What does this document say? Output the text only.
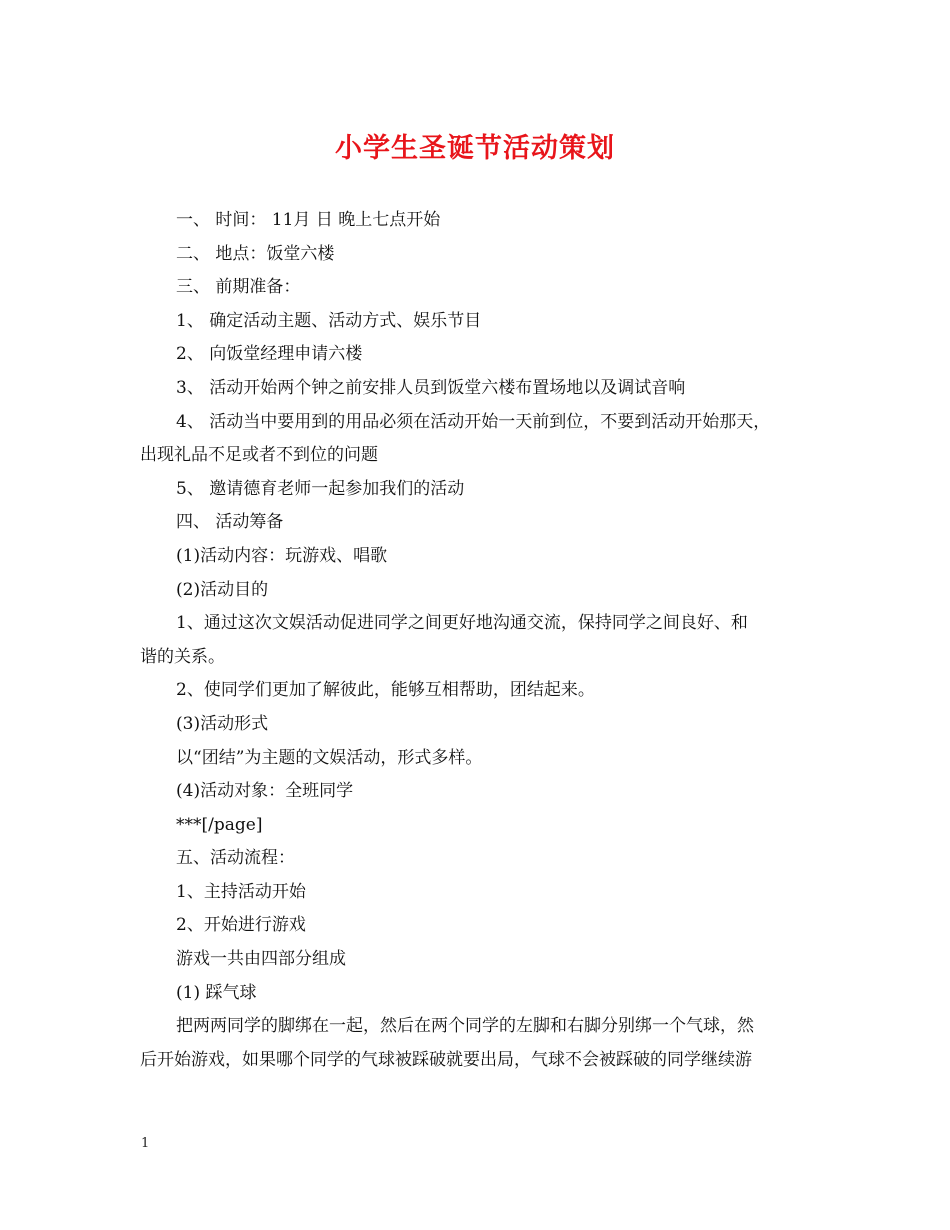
小学生圣诞节活动策划
一、 时间： 11月 日 晚上七点开始
二、 地点：饭堂六楼
三、 前期准备：
1、 确定活动主题、活动方式、娱乐节目
2、 向饭堂经理申请六楼
3、 活动开始两个钟之前安排人员到饭堂六楼布置场地以及调试音响
4、 活动当中要用到的用品必须在活动开始一天前到位，不要到活动开始那天，
出现礼品不足或者不到位的问题
5、 邀请德育老师一起参加我们的活动
四、 活动筹备
(1)活动内容：玩游戏、唱歌
(2)活动目的
1、通过这次文娱活动促进同学之间更好地沟通交流，保持同学之间良好、和
谐的关系。
2、使同学们更加了解彼此，能够互相帮助，团结起来。
(3)活动形式
以“团结”为主题的文娱活动，形式多样。
(4)活动对象：全班同学
***[/page]
五、活动流程：
1、主持活动开始
2、开始进行游戏
游戏一共由四部分组成
(1) 踩气球
把两两同学的脚绑在一起，然后在两个同学的左脚和右脚分别绑一个气球，然
后开始游戏，如果哪个同学的气球被踩破就要出局，气球不会被踩破的同学继续游
1
